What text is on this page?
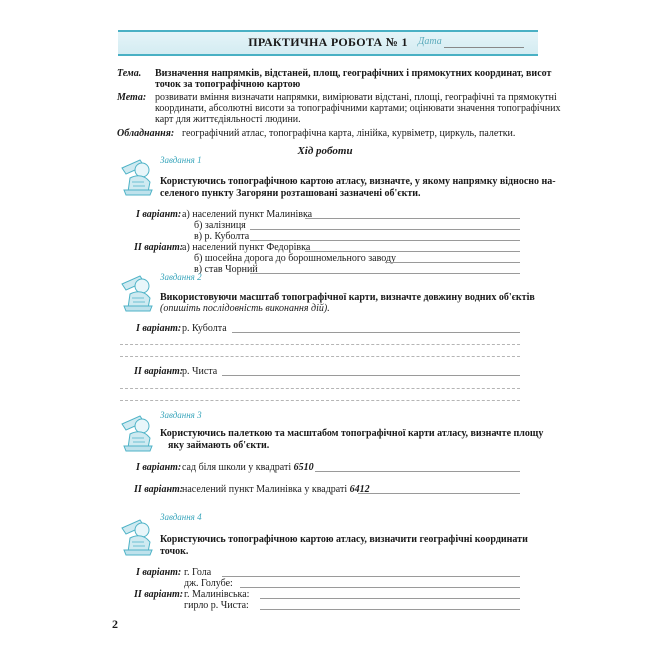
ПРАКТИЧНА РОБОТА № 1	Дата
Тема. Визначення напрямків, відстаней, площ, географічних і прямокутних координат, висот
точок за топографічною картою
Мета: розвивати вміння визначати напрямки, вимірювати відстані, площі, географічні та прямокутні
координати, абсолютні висоти за топографічними картами; оцінювати значення топографічних
карт для життєдіяльності людини.
Обладнання: географічний атлас, топографічна карта, лінійка, курвіметр, циркуль, палетки.
Хід роботи
Завдання 1
Користуючись топографічною картою атласу, визначте, у якому напрямку відносно на-
селеного пункту Загоряни розташовані зазначені об'єкти.
І варіант: а) населений пункт Малинівка
б) залізниця
в) р. Куболта
ІІ варіант:
а) населений пункт Федорівка
б) шосейна дорога до борошномельного заводу
в) став Чорний
Завдання 2
Використовуючи масштаб топографічної карти, визначте довжину водних об'єктів
(опишіть послідовність виконання дій).
І варіант: р. Куболта
ІІ варіант:
р. Чиста
Завдання 3
Користуючись палеткою та масштабом топографічної карти атласу, визначте площу
яку займають об'єкти.
І варіант: сад біля школи у квадраті 6510
ІІ варіант:
населений пункт Малинівка у квадраті 6412
Завдання 4
Користуючись топографічною картою атласу, визначити географічні координати
точок.
І варіант: г. Гола
дж. Голубе:
ІІ варіант: г. Малинівська:
гирло р. Чиста:
2
